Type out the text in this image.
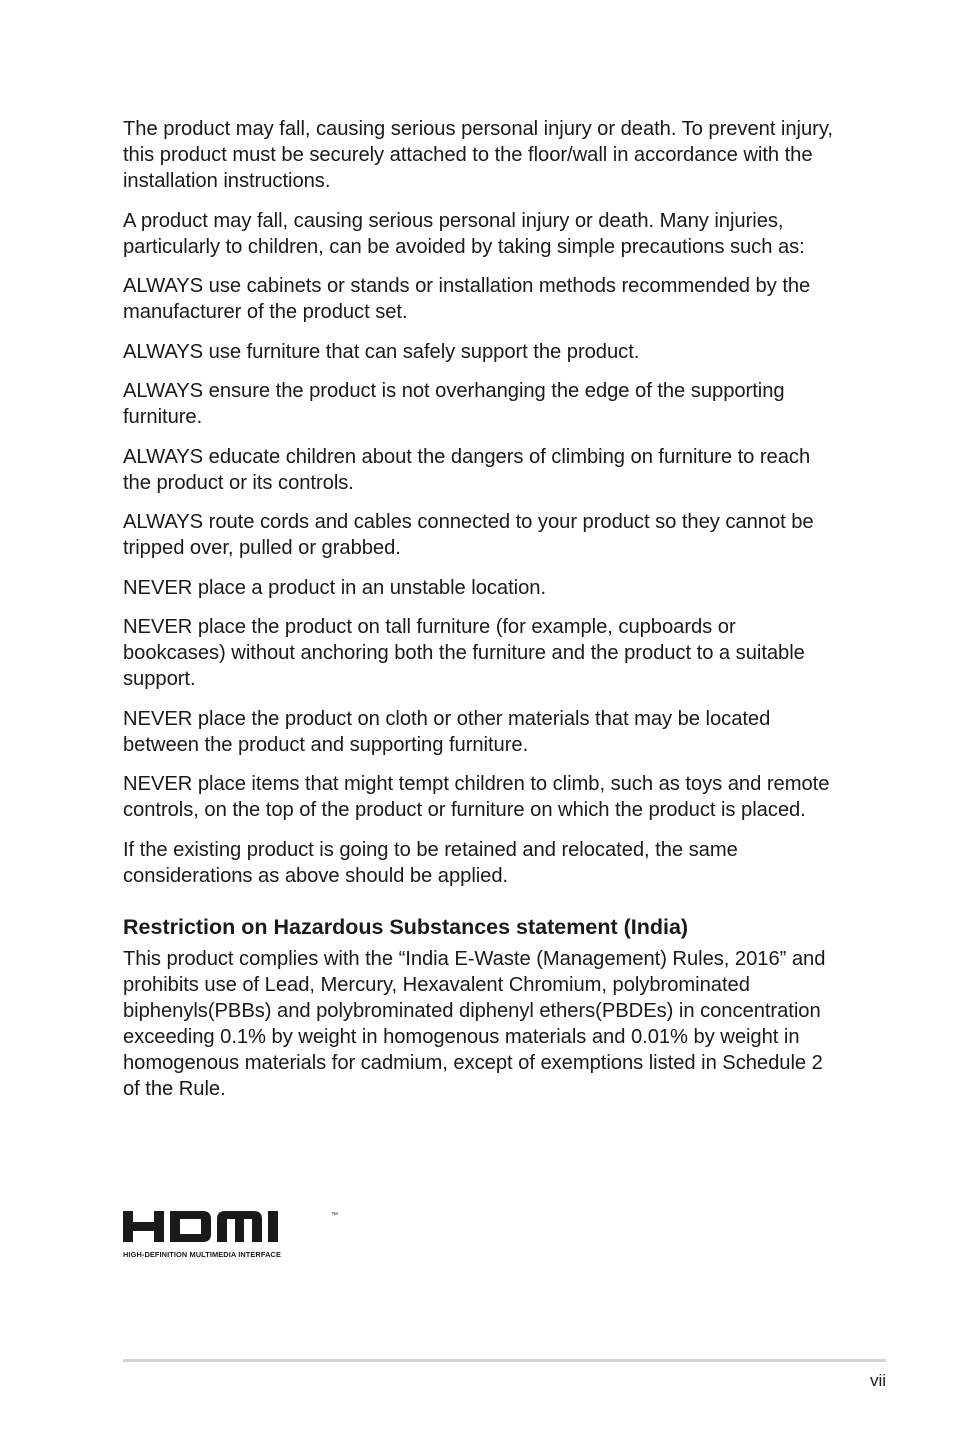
The product may fall, causing serious personal injury or death. To prevent injury, this product must be securely attached to the floor/wall in accordance with the installation instructions.

A product may fall, causing serious personal injury or death. Many injuries, particularly to children, can be avoided by taking simple precautions such as:

ALWAYS use cabinets or stands or installation methods recommended by the manufacturer of the product set.

ALWAYS use furniture that can safely support the product.

ALWAYS ensure the product is not overhanging the edge of the supporting furniture.

ALWAYS educate children about the dangers of climbing on furniture to reach the product or its controls.

ALWAYS route cords and cables connected to your product so they cannot be tripped over, pulled or grabbed.

NEVER place a product in an unstable location.

NEVER place the product on tall furniture (for example, cupboards or bookcases) without anchoring both the furniture and the product to a suitable support.

NEVER place the product on cloth or other materials that may be located between the product and supporting furniture.

NEVER place items that might tempt children to climb, such as toys and remote controls, on the top of the product or furniture on which the product is placed.

If the existing product is going to be retained and relocated, the same considerations as above should be applied.

Restriction on Hazardous Substances statement (India)

This product complies with the “India E-Waste (Management) Rules, 2016” and prohibits use of Lead, Mercury, Hexavalent Chromium, polybrominated biphenyls(PBBs) and polybrominated diphenyl ethers(PBDEs) in concentration exceeding 0.1% by weight in homogenous materials and 0.01% by weight in homogenous materials for cadmium, except of exemptions listed in Schedule 2 of the Rule.

™
HIGH-DEFINITION MULTIMEDIA INTERFACE
vii
